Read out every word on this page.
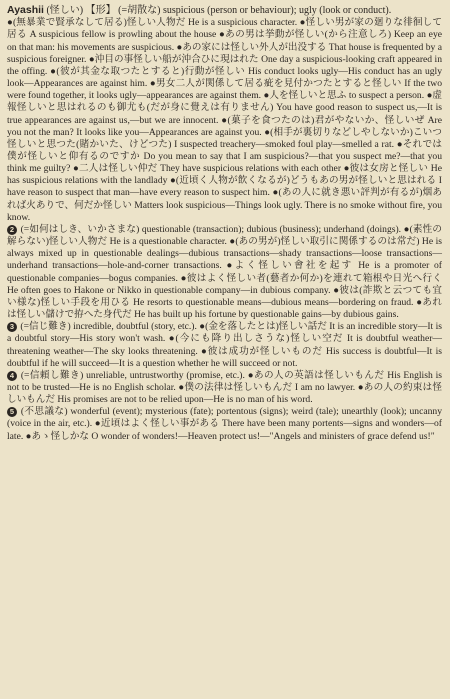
Ayashii (怪しい) 【形】 (=胡散な) suspicious (person or behaviour); ugly (look or conduct).

●(無暴業で賢承なして居る)怪しい人物だ He is a suspicious character. ●怪しい男が家の廻りな徘徊して居る A suspicious fellow is prowling about the house ●あの男は挙動が怪しい(から注意しろ) Keep an eye on that man: his movements are suspicious. ●あの家には怪しい外人が出没する That house is frequented by a suspicious foreigner. ●沖目の事怪しい船が沖合ひに現はれた One day a suspicious-looking craft appeared in the offing. ●(彼が其金な取つたとすると)行動が怪しい His conduct looks ugly—His conduct has an ugly look—Appearances are against him. ●男女二人が関係して居る疵を見付かつたとすると怪しい If the two were found together, it looks ugly—appearances are against them. ●人を怪しいと思ふ to suspect a person. ●虚報怪しいと思はれるのも御尤も(だが身に覺えは有りません) You have good reason to suspect us,—It is true appearances are against us,—but we are innocent. ●(菓子を食つたのは)君がやないか、怪しいぜ Are you not the man? It looks like you—Appearances are against you. ●(相手が裏切りなどしやしないか)こいつ怪しいと思つた(賭かいた、けどつた) I suspected treachery—smoked foul play—smelled a rat. ●それでは僕が怪しいと仰有るのですか Do you mean to say that I am suspicious?—that you suspect me?—that you think me guilty? ●二人は怪しい仲だ They have suspicious relations with each other ●彼は女房と怪しい He has suspicious relations with the landlady ●(近頃く人物が飲くなるが)どうもあの男が怪しいと思はれる I have reason to suspect that man—have every reason to suspect him. ●(あの人に就き悪い評判が有るが)烟あれば火ありで、何だか怪しい Matters look suspicious—Things look ugly. There is no smoke without fire, you know.

2 (=如何はしき、いかさまな) questionable (transaction); dubious (business); underhand (doings). ●(素性の解らない)怪しい人物だ He is a questionable character. ●(あの男が)怪しい取引に関係するのは常だ) He is always mixed up in questionable dealings—dubious transactions—shady transactions—loose transactions—underhand transactions—hole-and-corner transactions. ●よく怪しい會社を起す He is a promoter of questionable companies—bogus companies. ●彼はよく怪しい者(藝者か何か)を連れて箱根や日光へ行く He often goes to Hakone or Nikko in questionable company—in dubious company. ●彼は(詐欺と云つても宜い様な)怪しい手段を用ひる He resorts to questionable means—dubious means—bordering on fraud. ●あれは怪しい儲けで拵へた身代だ He has built up his fortune by questionable gains—by dubious gains.

3 (=信じ難き) incredible, doubtful (story, etc.). ●(金を落したとは)怪しい話だ It is an incredible story—It is a doubtful story—His story won't wash. ●(今にも降り出しさうな)怪しい空だ It is doubtful weather—threatening weather—The sky looks threatening. ●彼は成功が怪しいものだ His success is doubtful—It is doubtful if he will succeed—It is a question whether he will succeed or not.

4 (=信頼し難き) unreliable, untrustworthy (promise, etc.). ●あの人の英語は怪しいもんだ His English is not to be trusted—He is no English scholar. ●僕の法律は怪しいもんだ I am no lawyer. ●あの人の約束は怪しいもんだ His promises are not to be relied upon—He is no man of his word.

5 (不思議な) wonderful (event); mysterious (fate); portentous (signs); weird (tale); unearthly (look); uncanny (voice in the air, etc.). ●近頃はよく怪しい事がある There have been many portents—signs and wonders—of late. ●あゝ怪しかな O wonder of wonders!—Heaven protect us!—"Angels and ministers of grace defend us!"
